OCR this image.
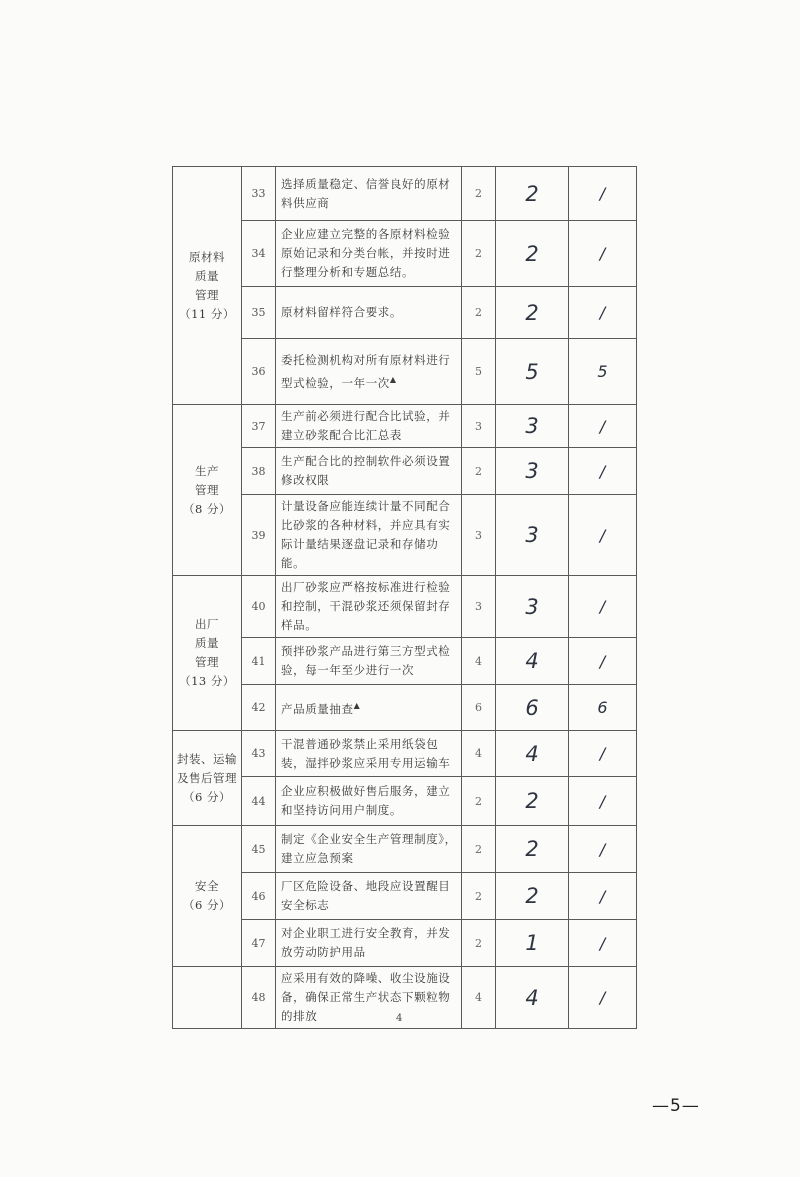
原材料
质量
管理
（11 分）	33	选择质量稳定、信誉良好的原材料供应商	2	2	/
	34	企业应建立完整的各原材料检验原始记录和分类台帐，并按时进行整理分析和专题总结。	2	2	/
	35	原材料留样符合要求。	2	2	/
	36	委托检测机构对所有原材料进行型式检验，一年一次▲	5	5	5

生产
管理
（8 分）	37	生产前必须进行配合比试验，并建立砂浆配合比汇总表	3	3	/
	38	生产配合比的控制软件必须设置修改权限	2	3	/
	39	计量设备应能连续计量不同配合比砂浆的各种材料，并应具有实际计量结果逐盘记录和存储功能。	3	3	/

出厂
质量
管理
（13 分）	40	出厂砂浆应严格按标准进行检验和控制，干混砂浆还须保留封存样品。	3	3	/
	41	预拌砂浆产品进行第三方型式检验，每一年至少进行一次	4	4	/
	42	产品质量抽查▲	6	6	6

封装、运输
及售后管理
（6 分）	43	干混普通砂浆禁止采用纸袋包装，湿拌砂浆应采用专用运输车	4	4	/
	44	企业应积极做好售后服务，建立和坚持访问用户制度。	2	2	/

安全
（6 分）	45	制定《企业安全生产管理制度》，建立应急预案	2	2	/
	46	厂区危险设备、地段应设置醒目安全标志	2	2	/
	47	对企业职工进行安全教育，并发放劳动防护用品	2	1	/
	48	应采用有效的降噪、收尘设施设备，确保正常生产状态下颗粒物的排放	4	4	/
4
—5—
